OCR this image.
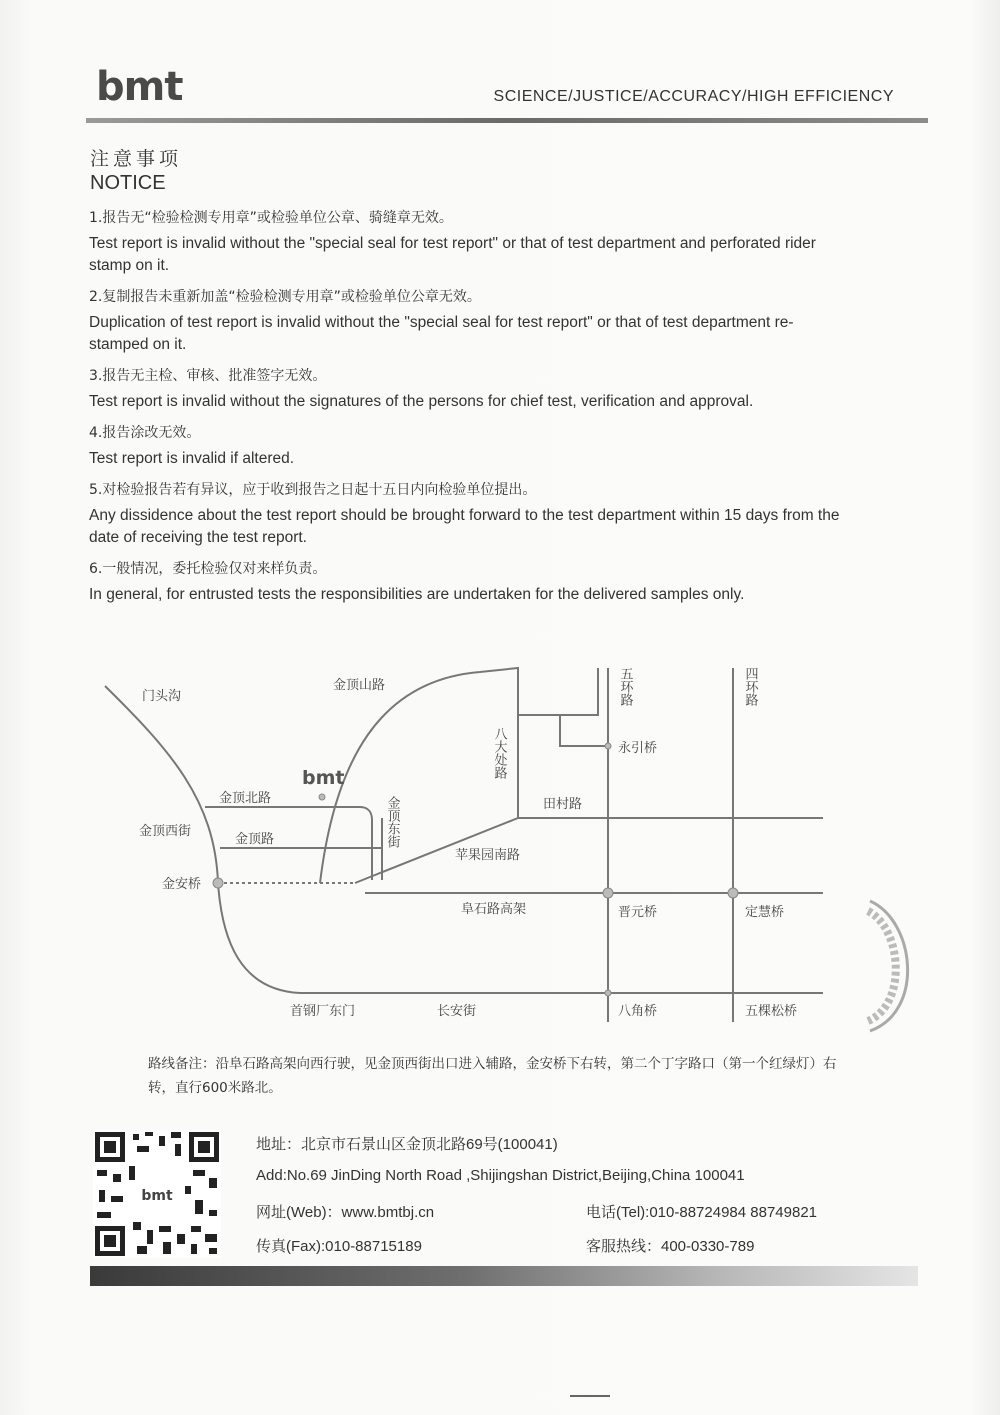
bmt	SCIENCE/JUSTICE/ACCURACY/HIGH EFFICIENCY
注意事项
NOTICE
1.报告无“检验检测专用章”或检验单位公章、骑缝章无效。
Test report is invalid without the "special seal for test report" or that of test department and perforated rider stamp on it.
2.复制报告未重新加盖“检验检测专用章”或检验单位公章无效。
Duplication of test report is invalid without the "special seal for test report" or that of test department re-stamped on it.
3.报告无主检、审核、批准签字无效。
Test report is invalid without the signatures of the persons for chief test, verification and approval.
4.报告涂改无效。
Test report is invalid if altered.
5.对检验报告若有异议，应于收到报告之日起十五日内向检验单位提出。
Any dissidence about the test report should be brought forward to the test department within 15 days from the date of receiving the test report.
6.一般情况，委托检验仅对来样负责。
In general, for entrusted tests the responsibilities are undertaken for the delivered samples only.
门头沟
金顶山路
bmt
金顶北路
金顶西街
金顶路	金顶东街
八大处路
田村路
苹果园南路
金安桥
阜石路高架	晋元桥	定慧桥
永引桥
五环路	四环路
首钢厂东门	长安街	八角桥	五棵松桥
路线备注：沿阜石路高架向西行驶，见金顶西街出口进入辅路，金安桥下右转，第二个丁字路口（第一个红绿灯）右转，直行600米路北。
bmt
地址：北京市石景山区金顶北路69号(100041)
Add:No.69 JinDing North Road ,Shijingshan District,Beijing,China 100041
网址(Web)：www.bmtbj.cn	电话(Tel):010-88724984 88749821
传真(Fax):010-88715189	客服热线：400-0330-789
